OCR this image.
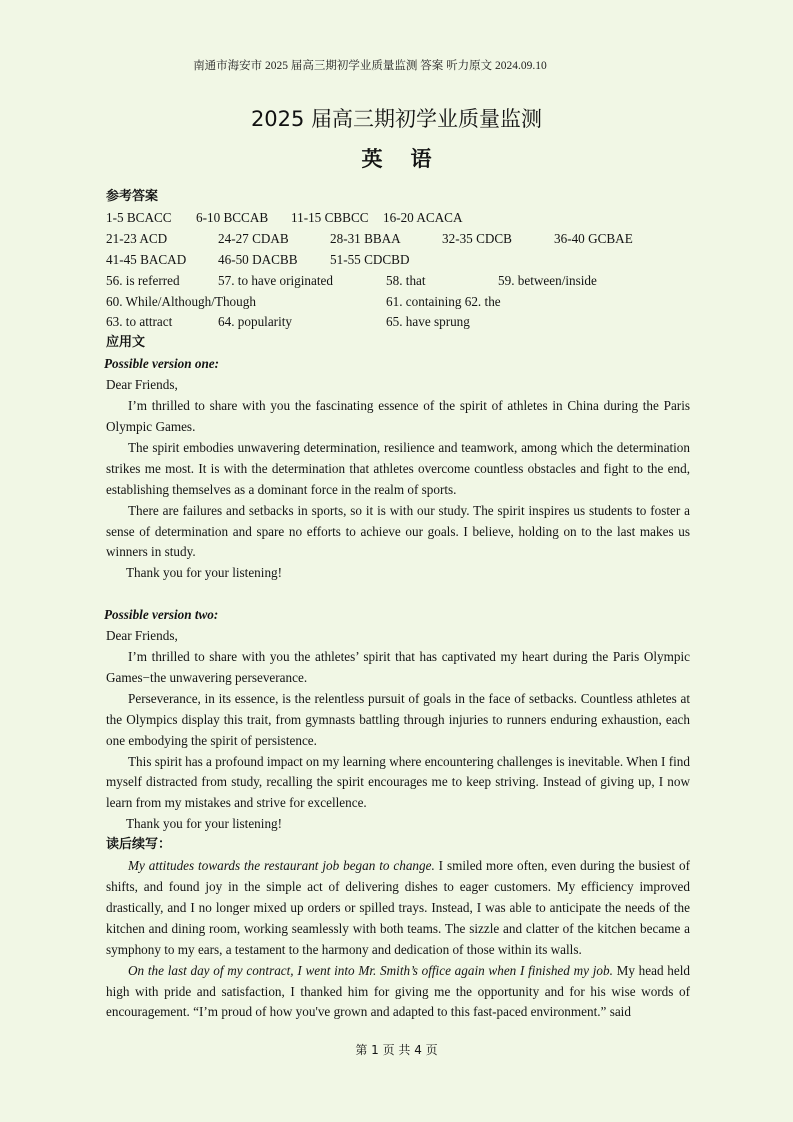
南通市海安市 2025 届高三期初学业质量监测 答案 听力原文 2024.09.10
2025 届高三期初学业质量监测
英语
参考答案
1-5 BCACC	6-10 BCCAB	11-15 CBBCC	16-20 ACACA
21-23 ACD	24-27 CDAB	28-31 BBAA	32-35 CDCB	36-40 GCBAE
41-45 BACAD	46-50 DACBB	51-55 CDCBD
56. is referred	57. to have originated	58. that	59. between/inside
60. While/Although/Though	61. containing 62. the
63. to attract	64. popularity	65. have sprung
应用文
Possible version one:

Dear Friends,

I’m thrilled to share with you the fascinating essence of the spirit of athletes in China during the Paris Olympic Games.

The spirit embodies unwavering determination, resilience and teamwork, among which the determination strikes me most. It is with the determination that athletes overcome countless obstacles and fight to the end, establishing themselves as a dominant force in the realm of sports.

There are failures and setbacks in sports, so it is with our study. The spirit inspires us students to foster a sense of determination and spare no efforts to achieve our goals. I believe, holding on to the last makes us winners in study.

Thank you for your listening!

Possible version two:

Dear Friends,

I’m thrilled to share with you the athletes’ spirit that has captivated my heart during the Paris Olympic Games−the unwavering perseverance.

Perseverance, in its essence, is the relentless pursuit of goals in the face of setbacks. Countless athletes at the Olympics display this trait, from gymnasts battling through injuries to runners enduring exhaustion, each one embodying the spirit of persistence.

This spirit has a profound impact on my learning where encountering challenges is inevitable. When I find myself distracted from study, recalling the spirit encourages me to keep striving. Instead of giving up, I now learn from my mistakes and strive for excellence.

Thank you for your listening!

读后续写：

My attitudes towards the restaurant job began to change. I smiled more often, even during the busiest of shifts, and found joy in the simple act of delivering dishes to eager customers. My efficiency improved drastically, and I no longer mixed up orders or spilled trays. Instead, I was able to anticipate the needs of the kitchen and dining room, working seamlessly with both teams. The sizzle and clatter of the kitchen became a symphony to my ears, a testament to the harmony and dedication of those within its walls.

On the last day of my contract, I went into Mr. Smith’s office again when I finished my job. My head held high with pride and satisfaction, I thanked him for giving me the opportunity and for his wise words of encouragement. “I’m proud of how you've grown and adapted to this fast-paced environment.” said

第 1 页 共 4 页
